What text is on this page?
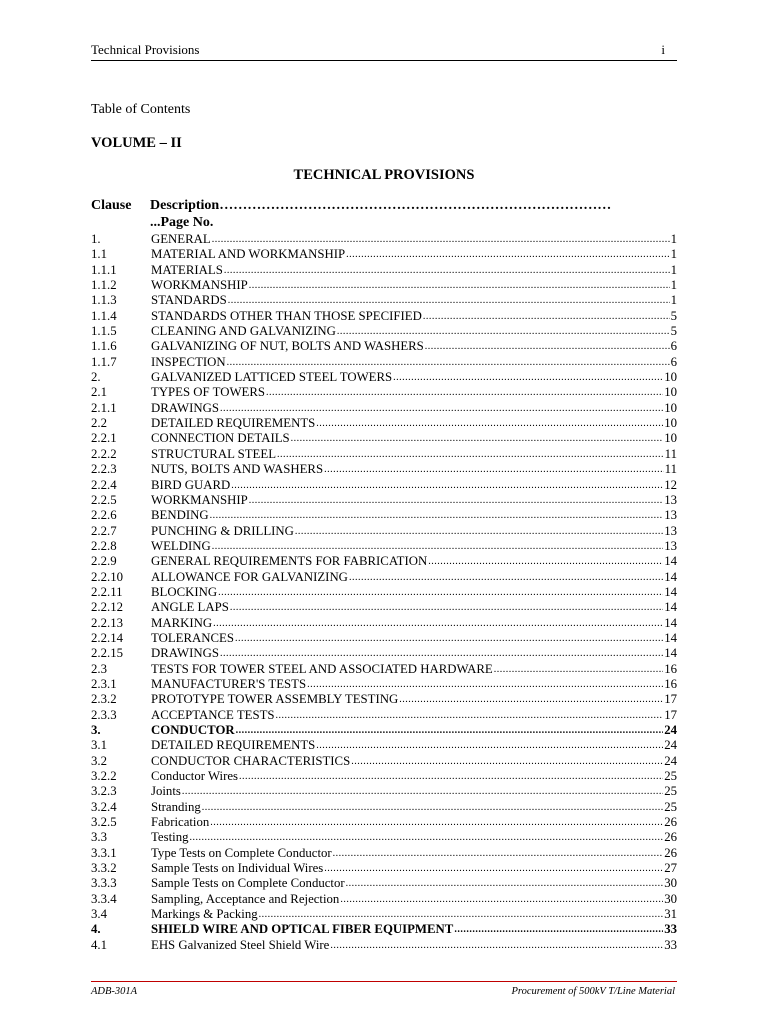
Technical Provisions	i
Table of Contents
VOLUME – II
TECHNICAL PROVISIONS
Clause Description…………………………………………………………………………
...Page No.
1.	GENERAL .....	1
1.1	MATERIAL AND WORKMANSHIP .....	1
1.1.1	MATERIALS .....	1
1.1.2	WORKMANSHIP .....	1
1.1.3	STANDARDS .....	1
1.1.4	STANDARDS OTHER THAN THOSE SPECIFIED .....	5
1.1.5	CLEANING AND GALVANIZING .....	5
1.1.6	GALVANIZING OF NUT, BOLTS AND WASHERS .....	6
1.1.7	INSPECTION .....	6
2.	GALVANIZED LATTICED STEEL TOWERS .....	10
2.1	TYPES OF TOWERS .....	10
2.1.1	DRAWINGS .....	10
2.2	DETAILED REQUIREMENTS .....	10
2.2.1	CONNECTION DETAILS .....	10
2.2.2	STRUCTURAL STEEL .....	11
2.2.3	NUTS, BOLTS AND WASHERS .....	11
2.2.4	BIRD GUARD .....	12
2.2.5	WORKMANSHIP .....	13
2.2.6	BENDING .....	13
2.2.7	PUNCHING & DRILLING .....	13
2.2.8	WELDING .....	13
2.2.9	GENERAL REQUIREMENTS FOR FABRICATION .....	14
2.2.10 ALLOWANCE FOR GALVANIZING .....	14
2.2.11 BLOCKING .....	14
2.2.12 ANGLE LAPS .....	14
2.2.13 MARKING .....	14
2.2.14 TOLERANCES .....	14
2.2.15 DRAWINGS .....	14
2.3	TESTS FOR TOWER STEEL AND ASSOCIATED HARDWARE .....	16
2.3.1	MANUFACTURER'S TESTS .....	16
2.3.2	PROTOTYPE TOWER ASSEMBLY TESTING .....	17
2.3.3	ACCEPTANCE TESTS .....	17
3.	CONDUCTOR .....	24
3.1	DETAILED REQUIREMENTS .....	24
3.2	CONDUCTOR CHARACTERISTICS .....	24
3.2.2	Conductor Wires .....	25
3.2.3	Joints .....	25
3.2.4	Stranding .....	25
3.2.5	Fabrication .....	26
3.3	Testing .....	26
3.3.1	Type Tests on Complete Conductor .....	26
3.3.2	Sample Tests on Individual Wires .....	27
3.3.3	Sample Tests on Complete Conductor .....	30
3.3.4	Sampling, Acceptance and Rejection .....	30
3.4	Markings & Packing .....	31
4.	SHIELD WIRE AND OPTICAL FIBER EQUIPMENT .....	33
4.1	EHS Galvanized Steel Shield Wire .....	33
ADB-301A	Procurement of 500kV T/Line Material
